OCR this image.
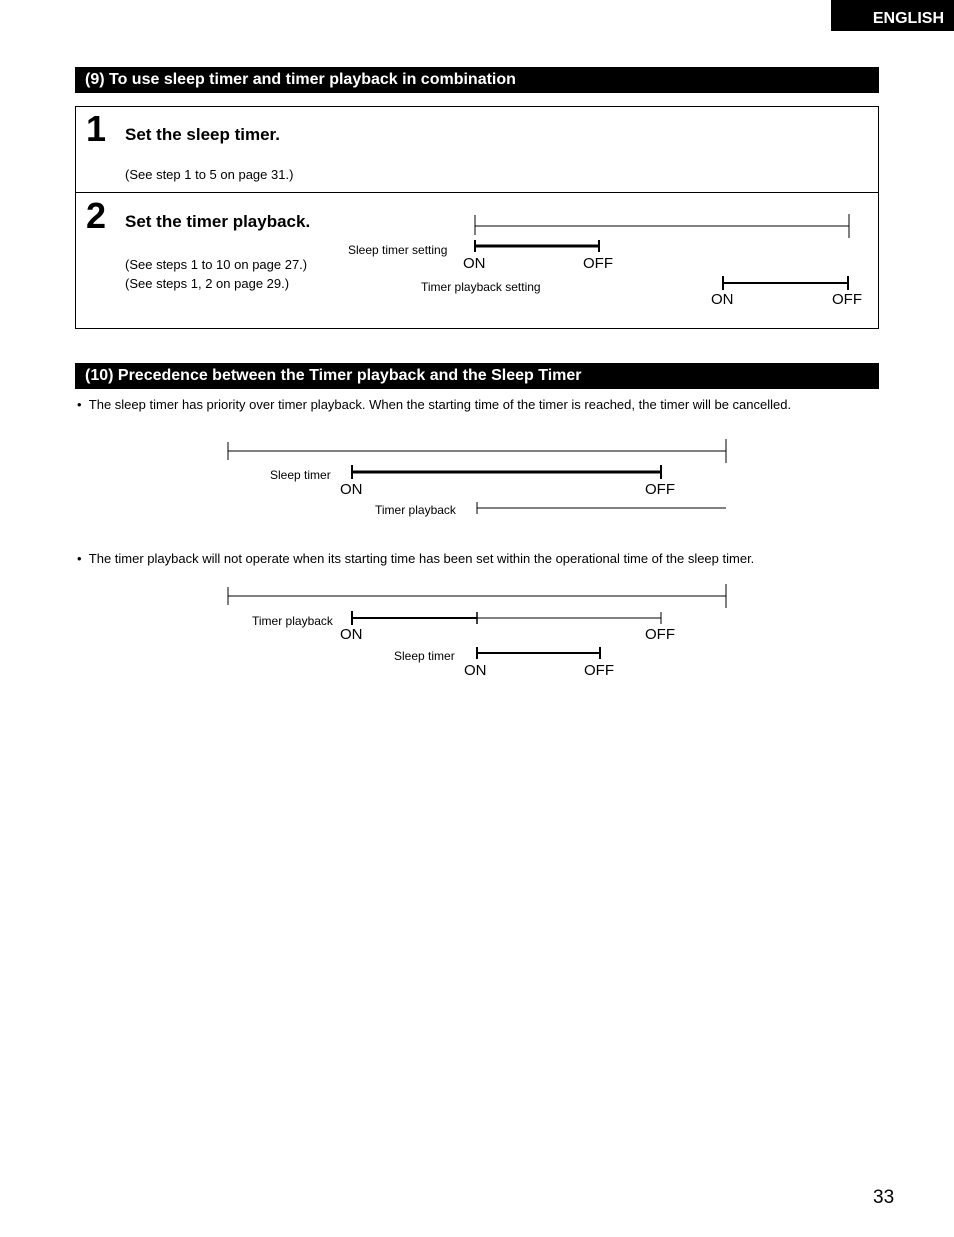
ENGLISH
(9) To use sleep timer and timer playback in combination
1 Set the sleep timer.
(See step 1 to 5 on page 31.)
2 Set the timer playback.
(See steps 1 to 10 on page 27.)
(See steps 1, 2 on page 29.)
Sleep timer setting
ON	OFF
Timer playback setting
ON	OFF
(10) Precedence between the Timer playback and the Sleep Timer
•  The sleep timer has priority over timer playback. When the starting time of the timer is reached, the timer will be cancelled.
Sleep timer
ON	OFF
Timer playback
•  The timer playback will not operate when its starting time has been set within the operational time of the sleep timer.
Timer playback
ON	OFF
Sleep timer
ON	OFF
33
